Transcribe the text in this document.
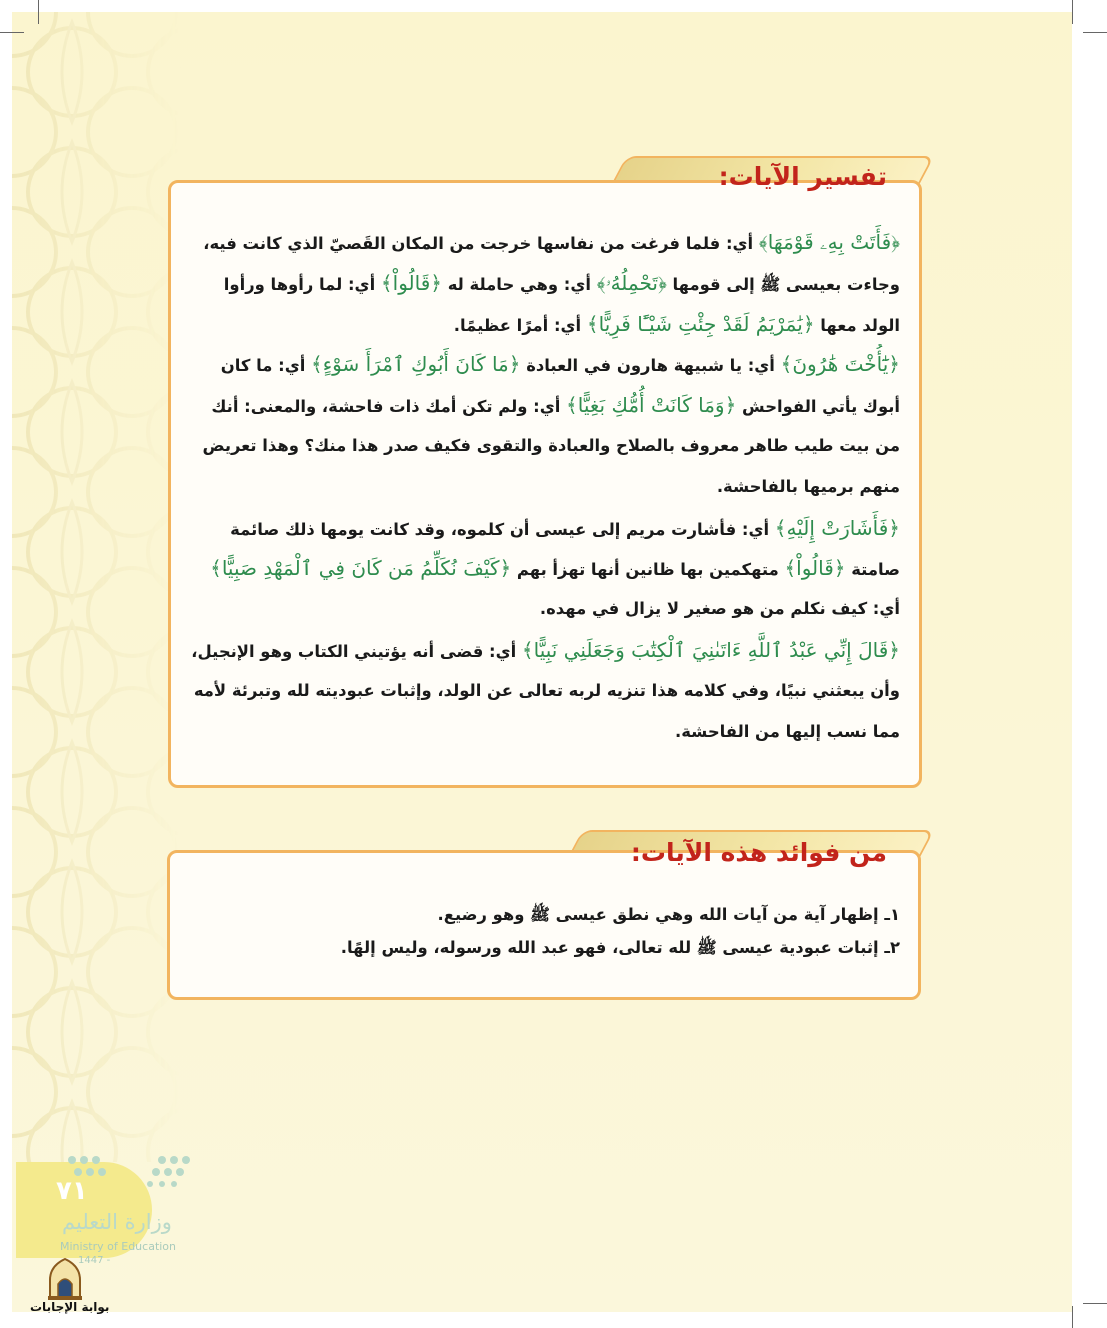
تفسير الآيات:
﴿فَأَتَتْ بِهِۦ قَوْمَهَا﴾ أي: فلما فرغت من نفاسها خرجت من المكان القَصيّ الذي كانت فيه،
وجاءت بعيسى ﷺ إلى قومها ﴿تَحْمِلُهُۥ﴾ أي: وهي حاملة له ﴿قَالُواْ﴾ أي: لما رأوها ورأوا
الولد معها ﴿يَٰمَرْيَمُ لَقَدْ جِئْتِ شَيْـًٔا فَرِيًّا﴾ أي: أمرًا عظيمًا.
﴿يَٰٓأُخْتَ هَٰرُونَ﴾ أي: يا شبيهة هارون في العبادة ﴿مَا كَانَ أَبُوكِ ٱمْرَأَ سَوْءٍ﴾ أي: ما كان
أبوك يأتي الفواحش ﴿وَمَا كَانَتْ أُمُّكِ بَغِيًّا﴾ أي: ولم تكن أمك ذات فاحشة، والمعنى: أنك
من بيت طيب طاهر معروف بالصلاح والعبادة والتقوى فكيف صدر هذا منك؟ وهذا تعريض
منهم برميها بالفاحشة.
﴿فَأَشَارَتْ إِلَيْهِ﴾ أي: فأشارت مريم إلى عيسى أن كلموه، وقد كانت يومها ذلك صائمة
صامتة ﴿قَالُواْ﴾ متهكمين بها ظانين أنها تهزأ بهم ﴿كَيْفَ نُكَلِّمُ مَن كَانَ فِي ٱلْمَهْدِ صَبِيًّا﴾
أي: كيف نكلم من هو صغير لا يزال في مهده.
﴿قَالَ إِنِّي عَبْدُ ٱللَّهِ ءَاتَىٰنِيَ ٱلْكِتَٰبَ وَجَعَلَنِي نَبِيًّا﴾ أي: قضى أنه يؤتيني الكتاب وهو الإنجيل،
وأن يبعثني نبيًا، وفي كلامه هذا تنزيه لربه تعالى عن الولد، وإثبات عبوديته لله وتبرئة لأمه
مما نسب إليها من الفاحشة.
من فوائد هذه الآيات:
١ـ إظهار آية من آيات الله وهي نطق عيسى ﷺ وهو رضيع.
٢ـ إثبات عبودية عيسى ﷺ لله تعالى، فهو عبد الله ورسوله، وليس إلهًا.
٧١
وزارة التعليم
Ministry of Education
1447 -
بوابة الإجابات
